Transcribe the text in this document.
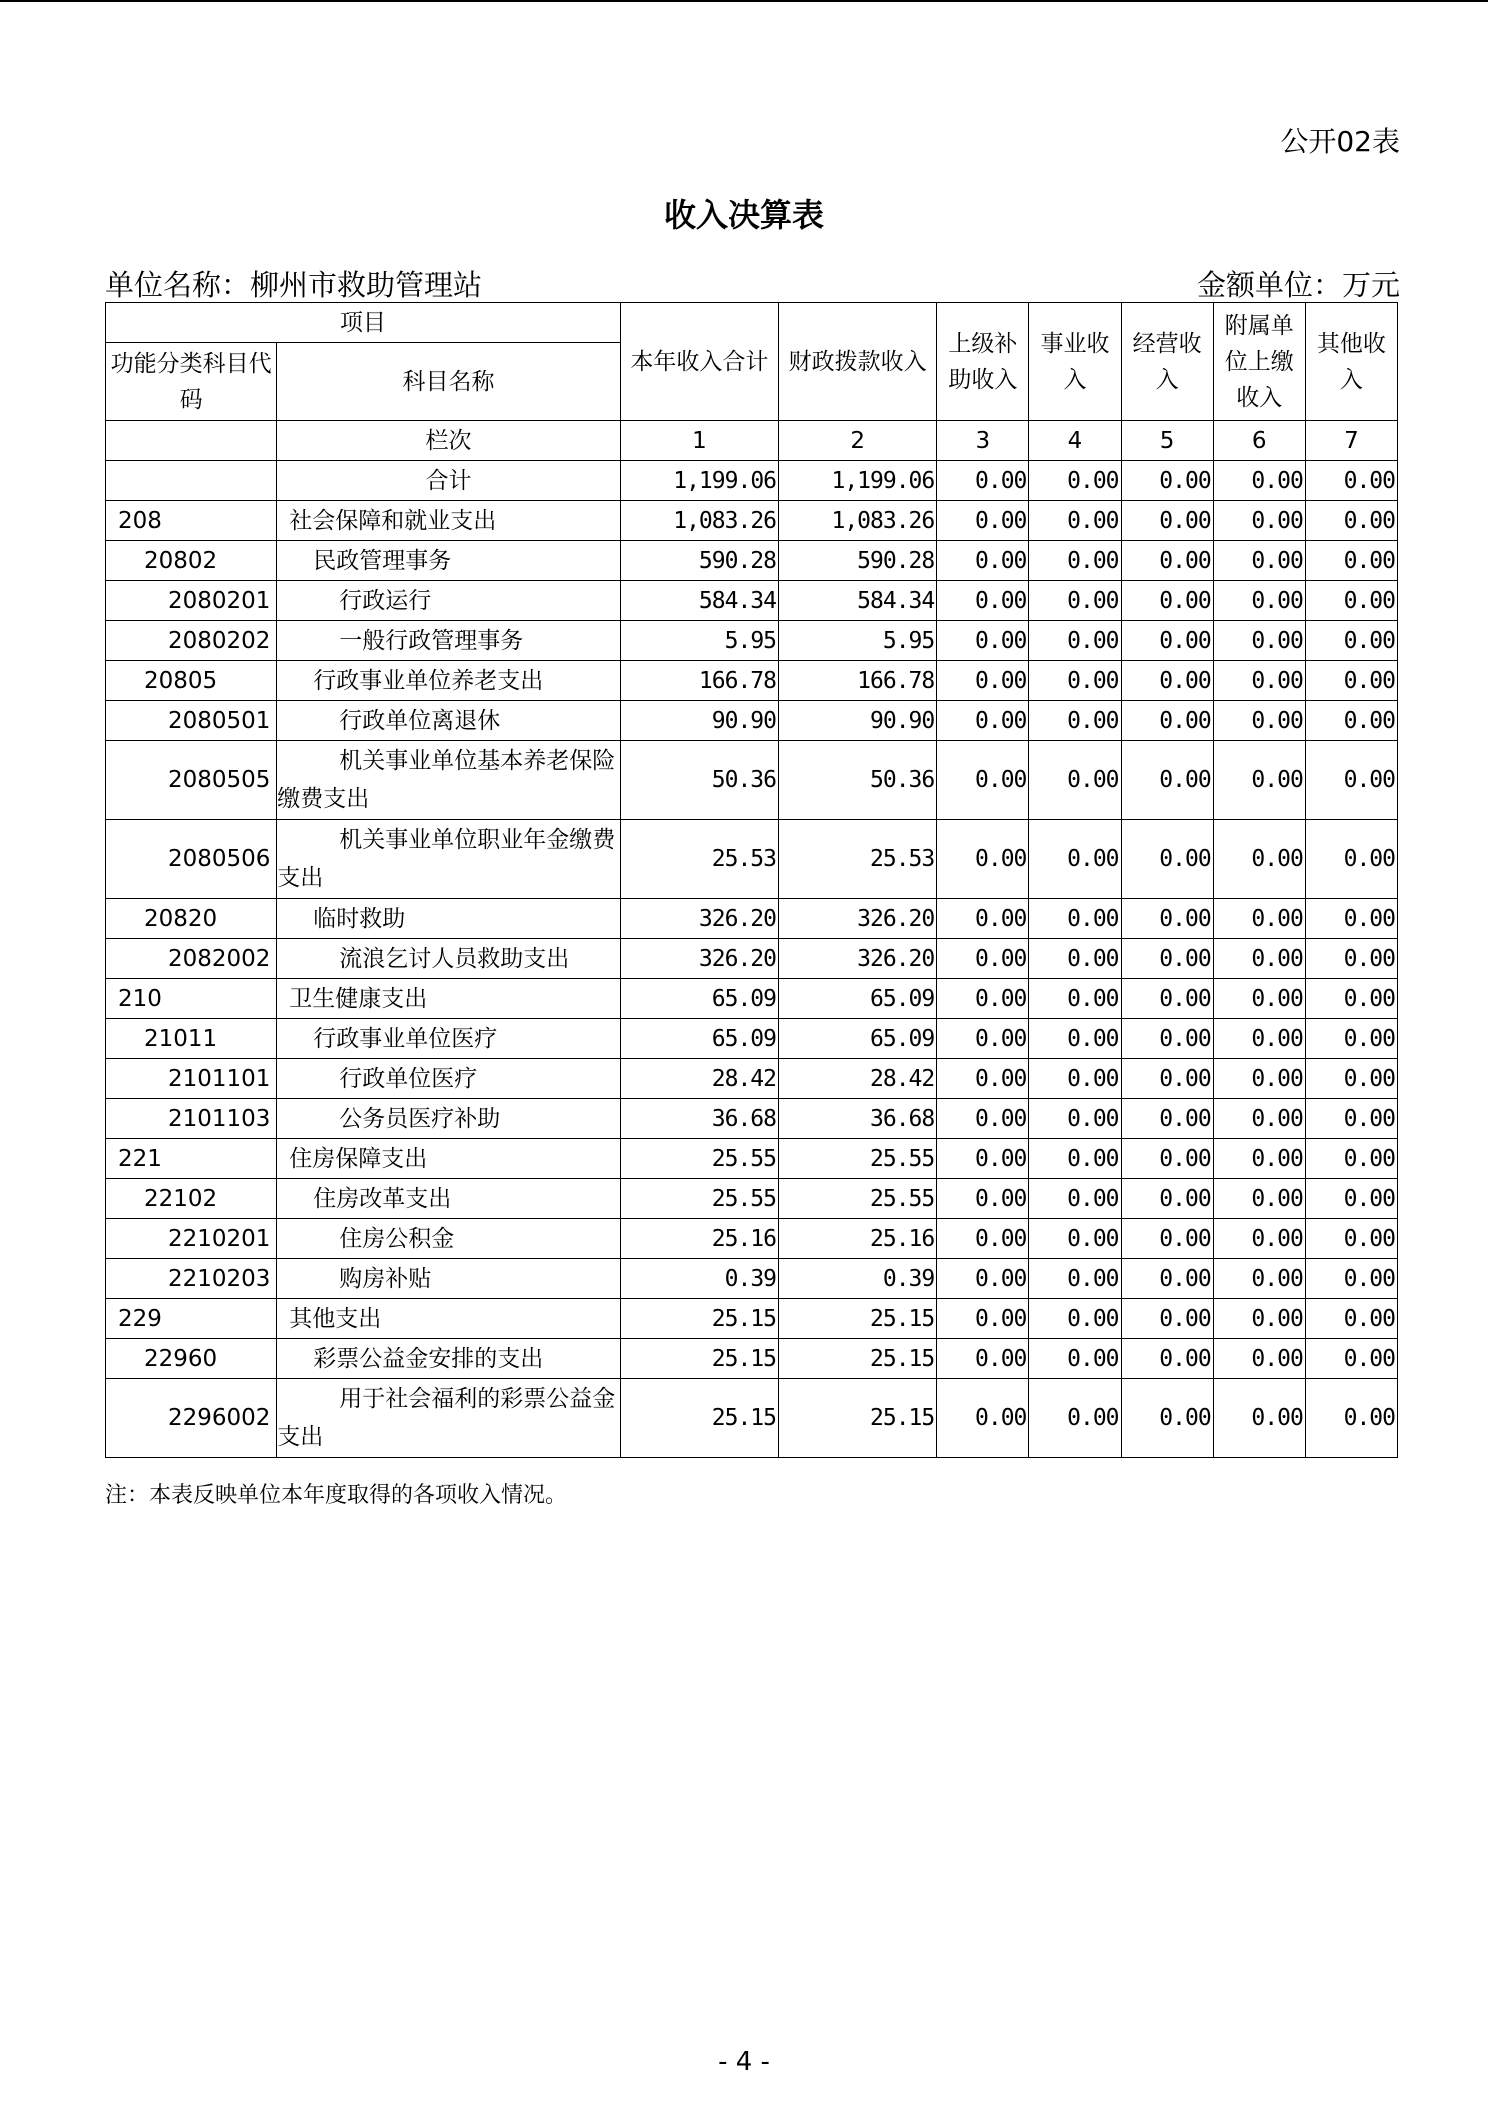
公开02表
收入决算表
单位名称：柳州市救助管理站	金额单位：万元
项目		本年收入合计	财政拨款收入	上级补助收入	事业收入	经营收入	附属单位上缴收入	其他收入
功能分类科目代码	科目名称							
	栏次	1	2	3	4	5	6	7
	合计	1,199.06	1,199.06	0.00	0.00	0.00	0.00	0.00
208	社会保障和就业支出	1,083.26	1,083.26	0.00	0.00	0.00	0.00	0.00
20802	民政管理事务	590.28	590.28	0.00	0.00	0.00	0.00	0.00
2080201	行政运行	584.34	584.34	0.00	0.00	0.00	0.00	0.00
2080202	一般行政管理事务	5.95	5.95	0.00	0.00	0.00	0.00	0.00
20805	行政事业单位养老支出	166.78	166.78	0.00	0.00	0.00	0.00	0.00
2080501	行政单位离退休	90.90	90.90	0.00	0.00	0.00	0.00	0.00
2080505	机关事业单位基本养老保险缴费支出	50.36	50.36	0.00	0.00	0.00	0.00	0.00
2080506	机关事业单位职业年金缴费支出	25.53	25.53	0.00	0.00	0.00	0.00	0.00
20820	临时救助	326.20	326.20	0.00	0.00	0.00	0.00	0.00
2082002	流浪乞讨人员救助支出	326.20	326.20	0.00	0.00	0.00	0.00	0.00
210	卫生健康支出	65.09	65.09	0.00	0.00	0.00	0.00	0.00
21011	行政事业单位医疗	65.09	65.09	0.00	0.00	0.00	0.00	0.00
2101101	行政单位医疗	28.42	28.42	0.00	0.00	0.00	0.00	0.00
2101103	公务员医疗补助	36.68	36.68	0.00	0.00	0.00	0.00	0.00
221	住房保障支出	25.55	25.55	0.00	0.00	0.00	0.00	0.00
22102	住房改革支出	25.55	25.55	0.00	0.00	0.00	0.00	0.00
2210201	住房公积金	25.16	25.16	0.00	0.00	0.00	0.00	0.00
2210203	购房补贴	0.39	0.39	0.00	0.00	0.00	0.00	0.00
229	其他支出	25.15	25.15	0.00	0.00	0.00	0.00	0.00
22960	彩票公益金安排的支出	25.15	25.15	0.00	0.00	0.00	0.00	0.00
2296002	用于社会福利的彩票公益金支出	25.15	25.15	0.00	0.00	0.00	0.00	0.00
注：本表反映单位本年度取得的各项收入情况。
- 4 -
